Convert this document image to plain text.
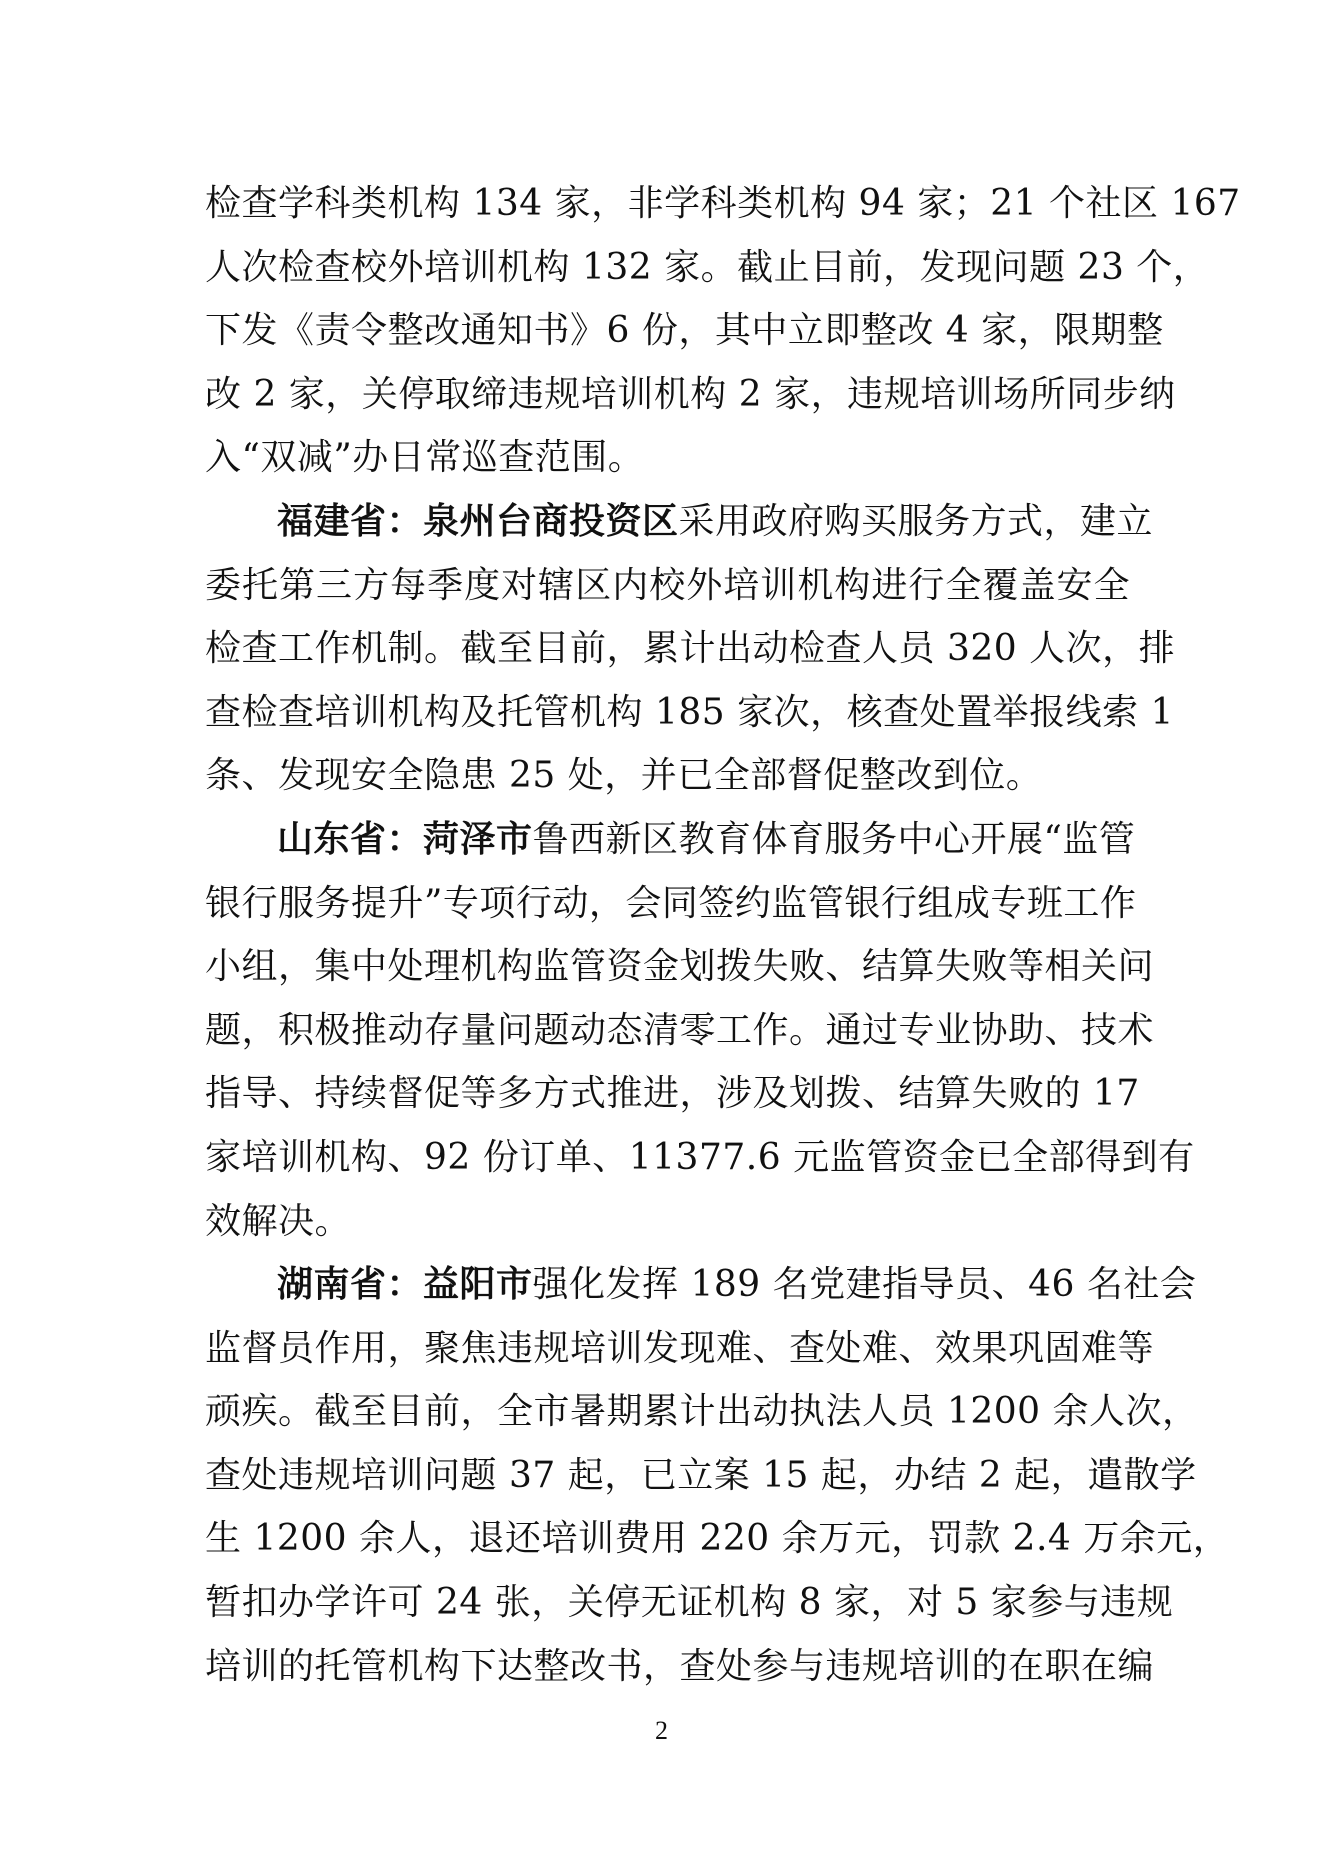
检查学科类机构 134 家，非学科类机构 94 家；21 个社区 167
人次检查校外培训机构 132 家。截止目前，发现问题 23 个，
下发《责令整改通知书》6 份，其中立即整改 4 家，限期整
改 2 家，关停取缔违规培训机构 2 家，违规培训场所同步纳
入“双减”办日常巡查范围。
福建省：泉州台商投资区采用政府购买服务方式，建立
委托第三方每季度对辖区内校外培训机构进行全覆盖安全
检查工作机制。截至目前，累计出动检查人员 320 人次，排
查检查培训机构及托管机构 185 家次，核查处置举报线索 1
条、发现安全隐患 25 处，并已全部督促整改到位。
山东省：菏泽市鲁西新区教育体育服务中心开展“监管
银行服务提升”专项行动，会同签约监管银行组成专班工作
小组，集中处理机构监管资金划拨失败、结算失败等相关问
题，积极推动存量问题动态清零工作。通过专业协助、技术
指导、持续督促等多方式推进，涉及划拨、结算失败的 17
家培训机构、92 份订单、11377.6 元监管资金已全部得到有
效解决。
湖南省：益阳市强化发挥 189 名党建指导员、46 名社会
监督员作用，聚焦违规培训发现难、查处难、效果巩固难等
顽疾。截至目前，全市暑期累计出动执法人员 1200 余人次，
查处违规培训问题 37 起，已立案 15 起，办结 2 起，遣散学
生 1200 余人，退还培训费用 220 余万元，罚款 2.4 万余元，
暂扣办学许可 24 张，关停无证机构 8 家，对 5 家参与违规
培训的托管机构下达整改书，查处参与违规培训的在职在编
2
